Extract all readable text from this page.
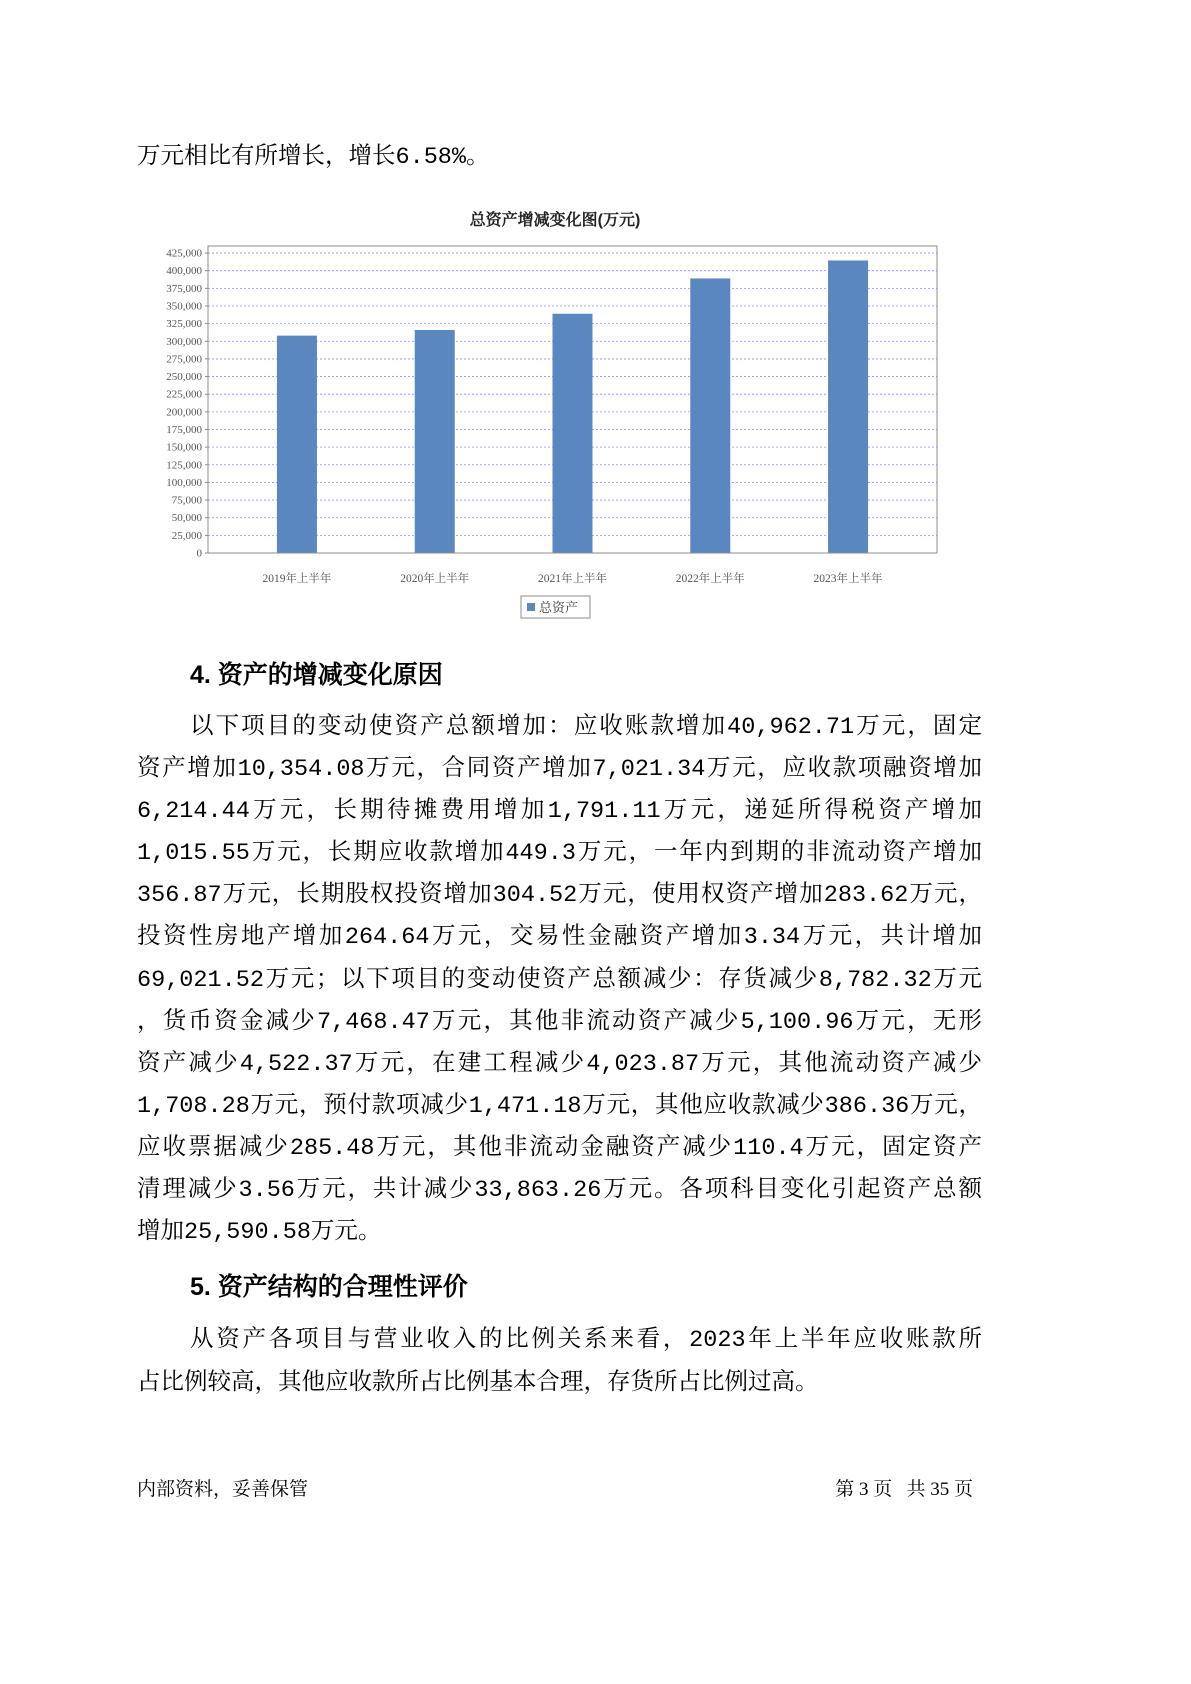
万元相比有所增长，增长6.58%。
0
25,000
50,000
75,000
100,000
125,000
150,000
175,000
200,000
225,000
250,000
275,000
300,000
325,000
350,000
375,000
400,000
425,000
2019年上半年	2020年上半年	2021年上半年	2022年上半年	2023年上半年
总资产增减变化图(万元)
总资产
4. 资产的增减变化原因
以下项目的变动使资产总额增加：应收账款增加40,962.71万元，固定
资产增加10,354.08万元，合同资产增加7,021.34万元，应收款项融资增加
6,214.44万元，长期待摊费用增加1,791.11万元，递延所得税资产增加
1,015.55万元，长期应收款增加449.3万元，一年内到期的非流动资产增加
356.87万元，长期股权投资增加304.52万元，使用权资产增加283.62万元，
投资性房地产增加264.64万元，交易性金融资产增加3.34万元，共计增加
69,021.52万元；以下项目的变动使资产总额减少：存货减少8,782.32万元
，货币资金减少7,468.47万元，其他非流动资产减少5,100.96万元，无形
资产减少4,522.37万元，在建工程减少4,023.87万元，其他流动资产减少
1,708.28万元，预付款项减少1,471.18万元，其他应收款减少386.36万元，
应收票据减少285.48万元，其他非流动金融资产减少110.4万元，固定资产
清理减少3.56万元，共计减少33,863.26万元。各项科目变化引起资产总额
增加25,590.58万元。
5. 资产结构的合理性评价
从资产各项目与营业收入的比例关系来看，2023年上半年应收账款所
占比例较高，其他应收款所占比例基本合理，存货所占比例过高。
内部资料，妥善保管	第 3 页   共 35 页
